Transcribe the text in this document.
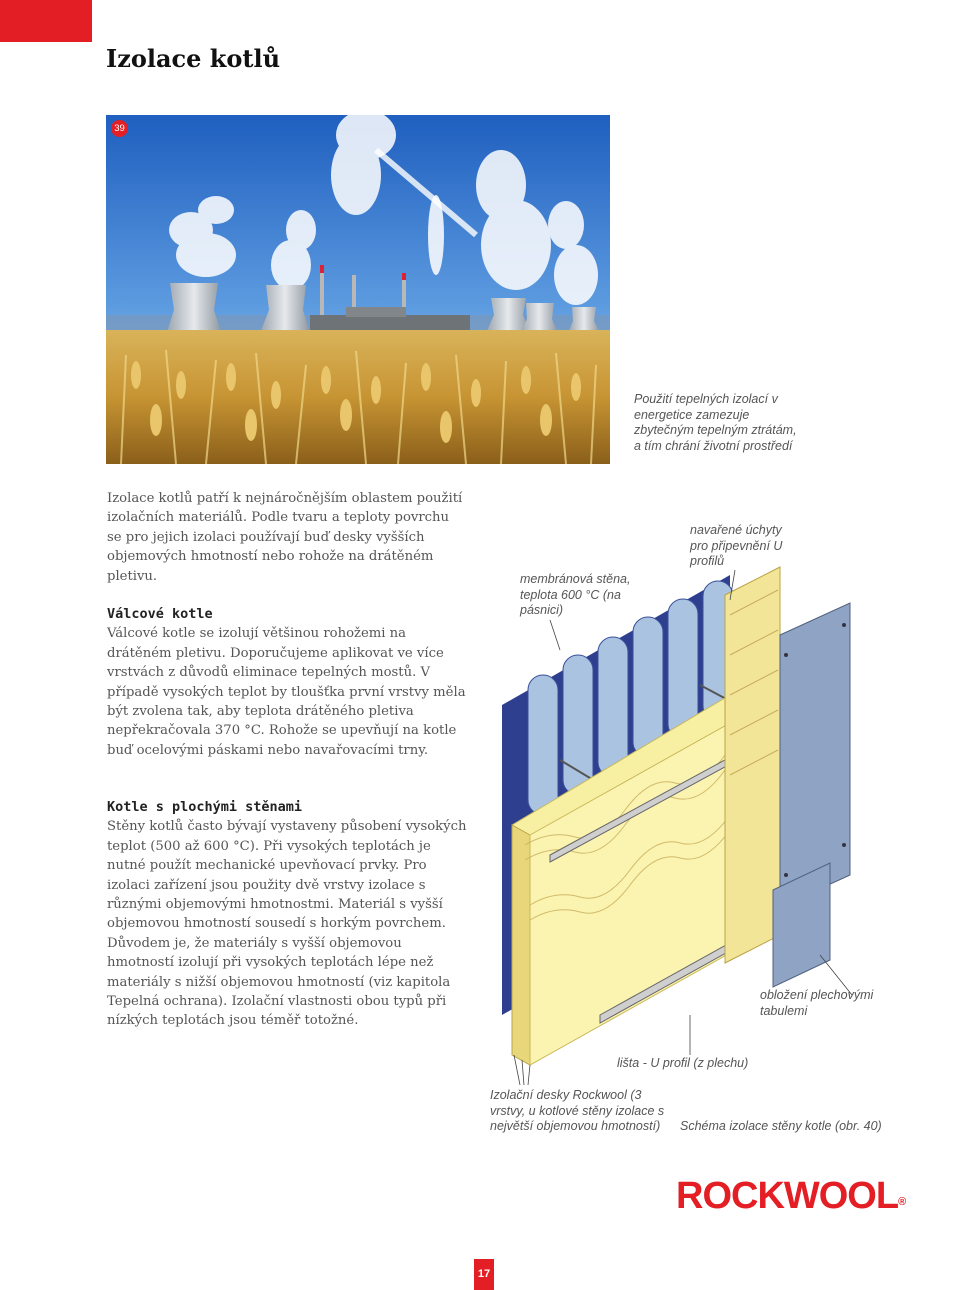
Izolace kotlů
39
Použití tepelných izolací v energetice zamezuje zbytečným tepelným ztrátám, a tím chrání životní prostředí

Izolace kotlů patří k nejnáročnějším oblastem použití izolačních materiálů. Podle tvaru a teploty povrchu se pro jejich izolaci používají buď desky vyšších objemových hmotností nebo rohože na drátěném pletivu.

Válcové kotle

Válcové kotle se izolují většinou rohožemi na drátěném pletivu. Doporučujeme aplikovat ve více vrstvách z důvodů eliminace tepelných mostů. V případě vysokých teplot by tloušťka první vrstvy měla být zvolena tak, aby teplota drátěného pletiva nepřekračovala 370 °C. Rohože se upevňují na kotle buď ocelovými páskami nebo navařovacími trny.

Kotle s plochými stěnami

Stěny kotlů často bývají vystaveny působení vysokých teplot (500 až 600 °C). Při vysokých teplotách je nutné použít mechanické upevňovací prvky. Pro izolaci zařízení jsou použity dvě vrstvy izolace s různými objemovými hmotnostmi. Materiál s vyšší objemovou hmotností sousedí s horkým povrchem. Důvodem je, že materiály s vyšší objemovou hmotností izolují při vysokých teplotách lépe než materiály s nižší objemovou hmotností (viz kapitola Tepelná ochrana). Izolační vlastnosti obou typů při nízkých teplotách jsou téměř totožné.

membránová stěna, teplota 600 °C (na pásnici)
navařené úchyty pro připevnění U profilů
obložení plechovými tabulemi
lišta - U profil (z plechu)
Izolační desky Rockwool (3 vrstvy, u kotlové stěny izolace s největší objemovou hmotností)	Schéma izolace stěny kotle (obr. 40)
ROCKWOOL®
17
